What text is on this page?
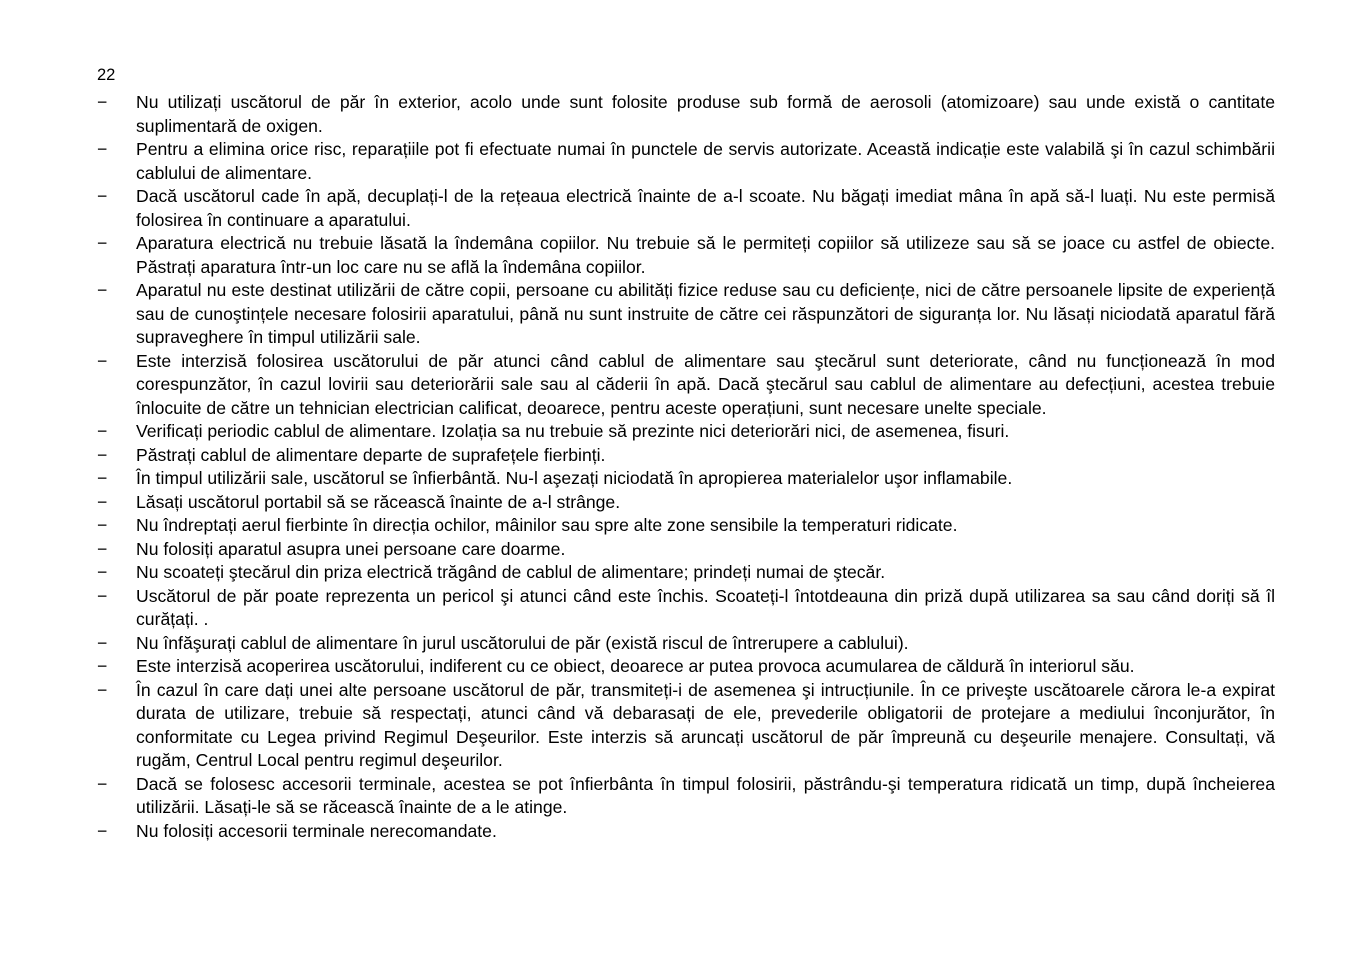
22
−	Nu utilizați uscătorul de păr în exterior, acolo unde sunt folosite produse sub formă de aerosoli (atomizoare) sau unde există o cantitate suplimentară de oxigen.
−	Pentru a elimina orice risc, reparațiile pot fi efectuate numai în punctele de servis autorizate. Această indicație este valabilă şi în cazul schimbării cablului de alimentare.
−	Dacă uscătorul cade în apă, decuplați-l de la rețeaua electrică înainte de a-l scoate. Nu băgați imediat mâna în apă să-l luați. Nu este permisă folosirea în continuare a aparatului.
−	Aparatura electrică nu trebuie lăsată la îndemâna copiilor. Nu trebuie să le permiteți copiilor să utilizeze sau să se joace cu astfel de obiecte. Păstrați aparatura într-un loc care nu se află la îndemâna copiilor.
−	Aparatul nu este destinat utilizării de către copii, persoane cu abilități fizice reduse sau cu deficiențe, nici de către persoanele lipsite de experiență sau de cunoştințele necesare folosirii aparatului, până nu sunt instruite de către cei răspunzători de siguranța lor. Nu lăsați niciodată aparatul fără supraveghere în timpul utilizării sale.
−	Este interzisă folosirea uscătorului de păr atunci când cablul de alimentare sau ştecărul sunt deteriorate, când nu funcționează în mod corespunzător, în cazul lovirii sau deteriorării sale sau al căderii în apă. Dacă ştecărul sau cablul de alimentare au defecțiuni, acestea trebuie înlocuite de către un tehnician electrician calificat, deoarece, pentru aceste operațiuni, sunt necesare unelte speciale.
−	Verificați periodic cablul de alimentare. Izolația sa nu trebuie să prezinte nici deteriorări nici, de asemenea, fisuri.
−	Păstrați cablul de alimentare departe de suprafețele fierbinți.
−	În timpul utilizării sale, uscătorul se înfierbântă. Nu-l aşezați niciodată în apropierea materialelor uşor inflamabile.
−	Lăsați uscătorul portabil să se răcească înainte de a-l strânge.
−	Nu îndreptați aerul fierbinte în direcția ochilor, mâinilor sau spre alte zone sensibile la temperaturi ridicate.
−	Nu folosiți aparatul asupra unei persoane care doarme.
−	Nu scoateți ştecărul din priza electrică trăgând de cablul de alimentare; prindeți numai de ştecăr.
−	Uscătorul de păr poate reprezenta un pericol şi atunci când este închis. Scoateți-l întotdeauna din priză după utilizarea sa sau când doriți să îl curățați. .
−	Nu înfăşurați cablul de alimentare în jurul uscătorului de păr (există riscul de întrerupere a cablului).
−	Este interzisă acoperirea uscătorului, indiferent cu ce obiect, deoarece ar putea provoca acumularea de căldură în interiorul său.
−	În cazul în care dați unei alte persoane uscătorul de păr, transmiteți-i de asemenea şi intrucțiunile. În ce priveşte uscătoarele cărora le-a expirat durata de utilizare, trebuie să respectați, atunci când vă debarasați de ele, prevederile obligatorii de protejare a mediului înconjurător, în conformitate cu Legea privind Regimul Deşeurilor. Este interzis să aruncați uscătorul de păr împreună cu deşeurile menajere. Consultați, vă rugăm, Centrul Local pentru regimul deşeurilor.
−	Dacă se folosesc accesorii terminale, acestea se pot înfierbânta în timpul folosirii, păstrându-şi temperatura ridicată un timp, după încheierea utilizării. Lăsați-le să se răcească înainte de a le atinge.
−	Nu folosiți accesorii terminale nerecomandate.
